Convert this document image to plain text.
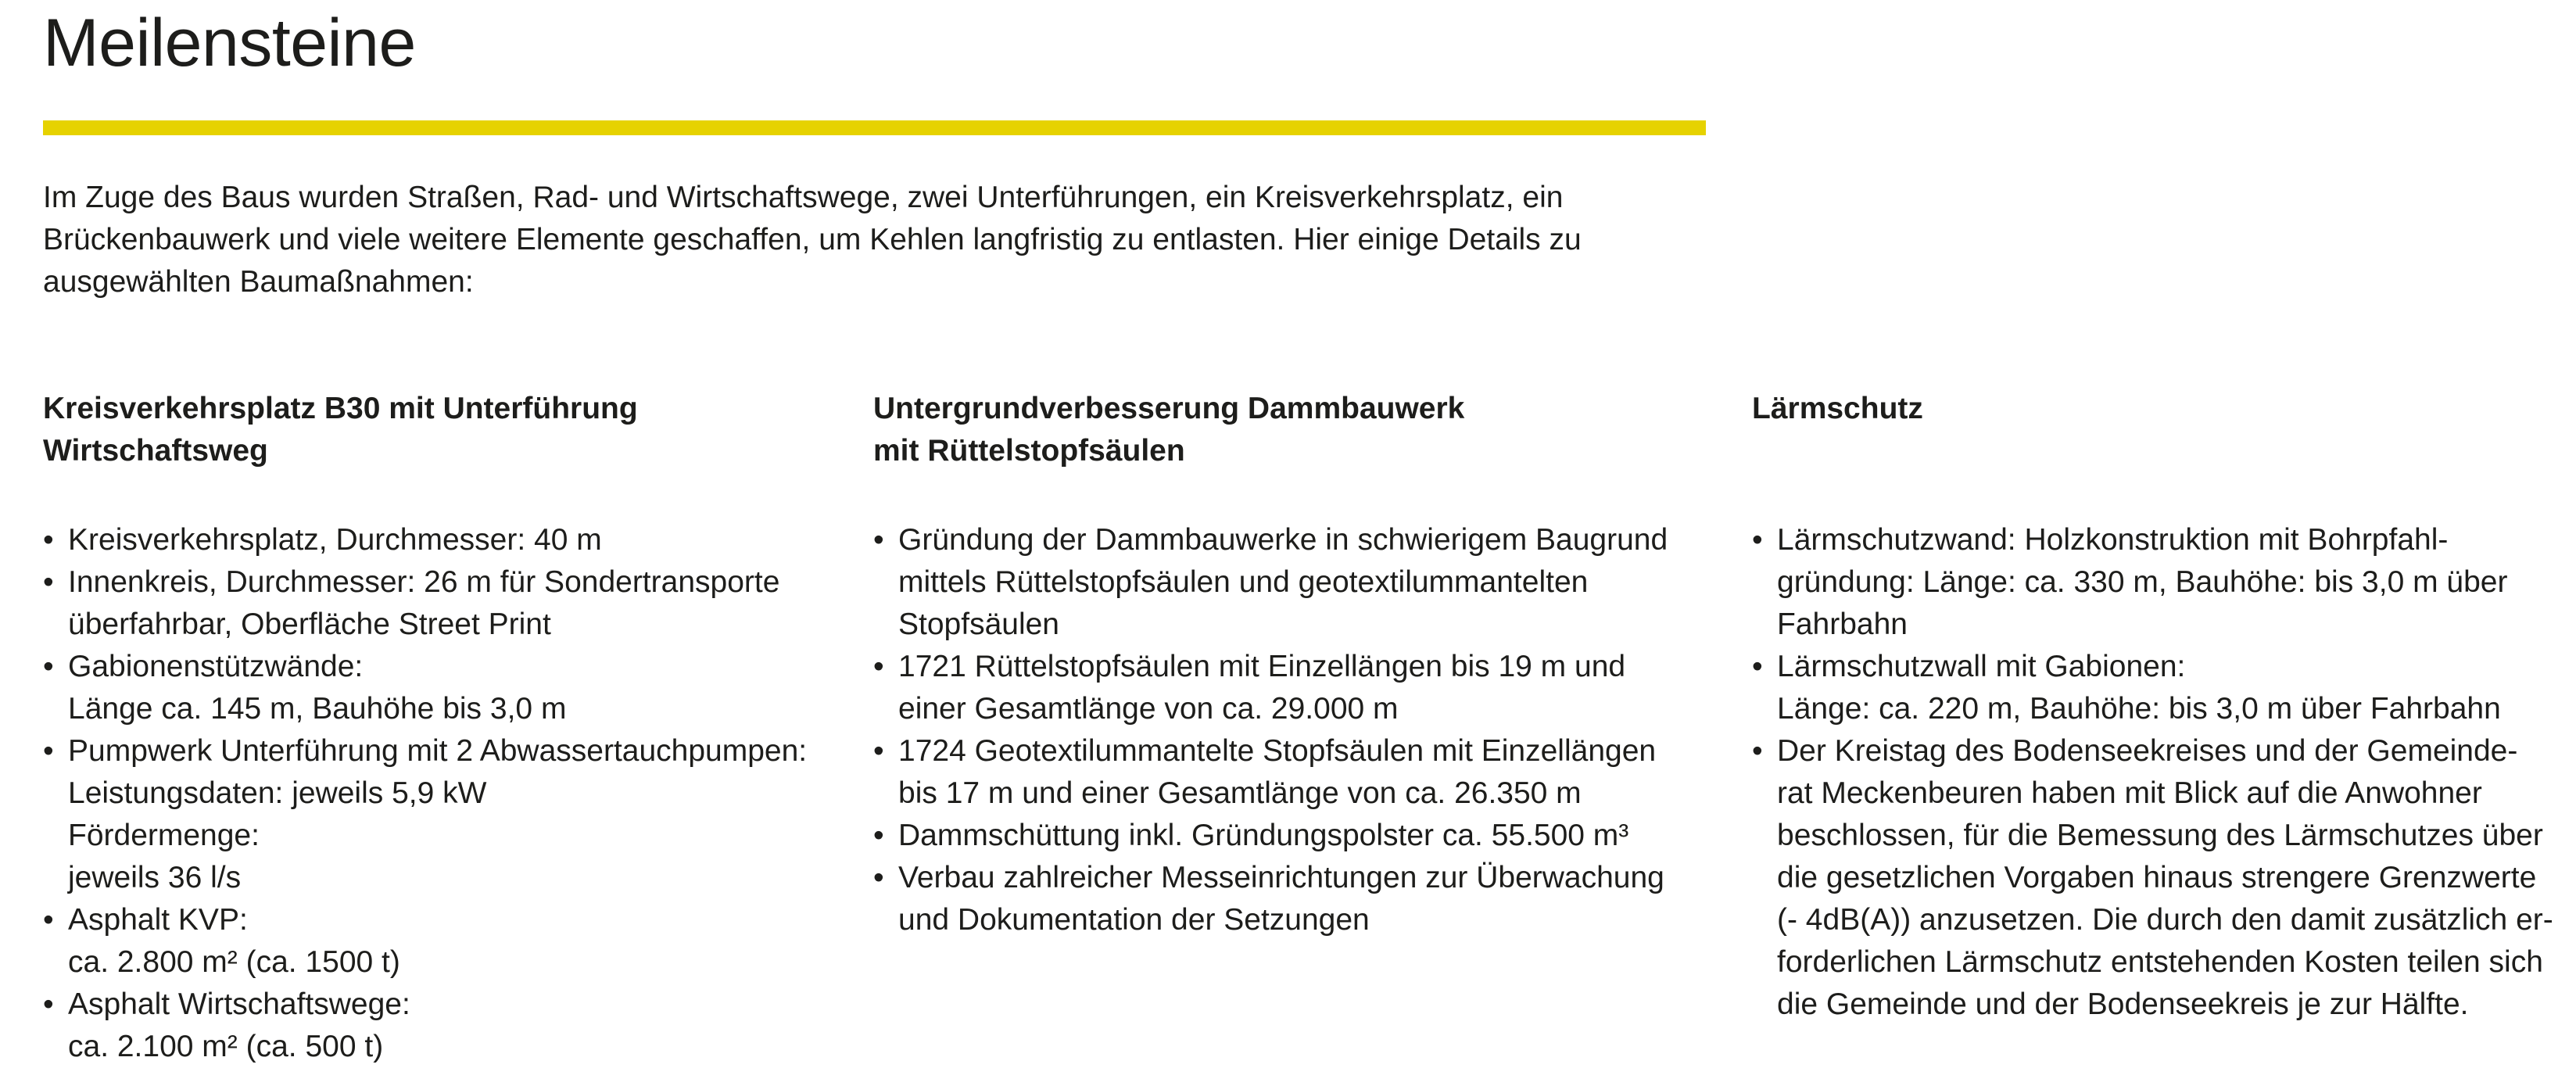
Meilensteine

Im Zuge des Baus wurden Straßen, Rad- und Wirtschaftswege, zwei Unterführungen, ein Kreisverkehrsplatz, ein
Brückenbauwerk und viele weitere Elemente geschaffen, um Kehlen langfristig zu entlasten. Hier einige Details zu
ausgewählten Baumaßnahmen:

Kreisverkehrsplatz B30 mit Unterführung
Wirtschaftsweg
• Kreisverkehrsplatz, Durchmesser: 40 m
• Innenkreis, Durchmesser: 26 m für Sondertransporte
überfahrbar, Oberfläche Street Print
• Gabionenstützwände:
Länge ca. 145 m, Bauhöhe bis 3,0 m
• Pumpwerk Unterführung mit 2 Abwassertauchpumpen:
Leistungsdaten: jeweils 5,9 kW
Fördermenge:
jeweils 36 l/s
• Asphalt KVP:
ca. 2.800 m² (ca. 1500 t)
• Asphalt Wirtschaftswege:
ca. 2.100 m² (ca. 500 t)
Untergrundverbesserung Dammbauwerk
mit Rüttelstopfsäulen
• Gründung der Dammbauwerke in schwierigem Baugrund
mittels Rüttelstopfsäulen und geotextilummantelten
Stopfsäulen
• 1721 Rüttelstopfsäulen mit Einzellängen bis 19 m und
einer Gesamtlänge von ca. 29.000 m
• 1724 Geotextilummantelte Stopfsäulen mit Einzellängen
bis 17 m und einer Gesamtlänge von ca. 26.350 m
• Dammschüttung inkl. Gründungspolster ca. 55.500 m³
• Verbau zahlreicher Messeinrichtungen zur Überwachung
und Dokumentation der Setzungen
Lärmschutz
• Lärmschutzwand: Holzkonstruktion mit Bohrpfahl-
gründung: Länge: ca. 330 m, Bauhöhe: bis 3,0 m über
Fahrbahn
• Lärmschutzwall mit Gabionen:
Länge: ca. 220 m, Bauhöhe: bis 3,0 m über Fahrbahn
• Der Kreistag des Bodenseekreises und der Gemeinde-
rat Meckenbeuren haben mit Blick auf die Anwohner
beschlossen, für die Bemessung des Lärmschutzes über
die gesetzlichen Vorgaben hinaus strengere Grenzwerte
(- 4dB(A)) anzusetzen. Die durch den damit zusätzlich er-
forderlichen Lärmschutz entstehenden Kosten teilen sich
die Gemeinde und der Bodenseekreis je zur Hälfte.
